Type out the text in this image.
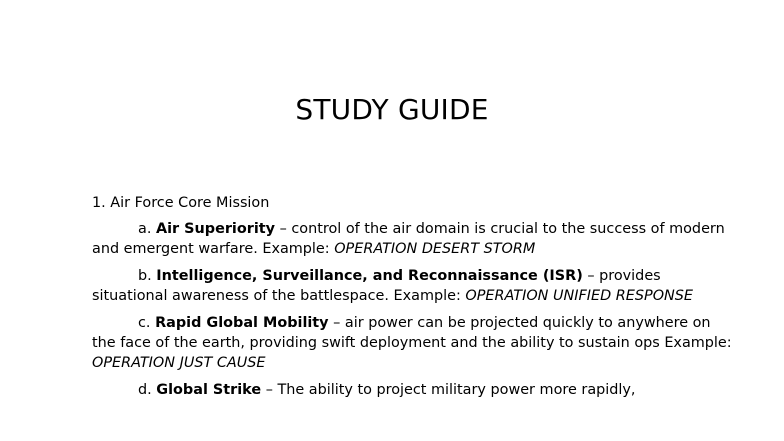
STUDY GUIDE

1. Air Force Core Mission

a. Air Superiority – control of the air domain is crucial to the success of modern and emergent warfare. Example: OPERATION DESERT STORM

b. Intelligence, Surveillance, and Reconnaissance (ISR) – provides situational awareness of the battlespace. Example: OPERATION UNIFIED RESPONSE

c. Rapid Global Mobility – air power can be projected quickly to anywhere on the face of the earth, providing swift deployment and the ability to sustain ops Example: OPERATION JUST CAUSE

d. Global Strike – The ability to project military power more rapidly,
